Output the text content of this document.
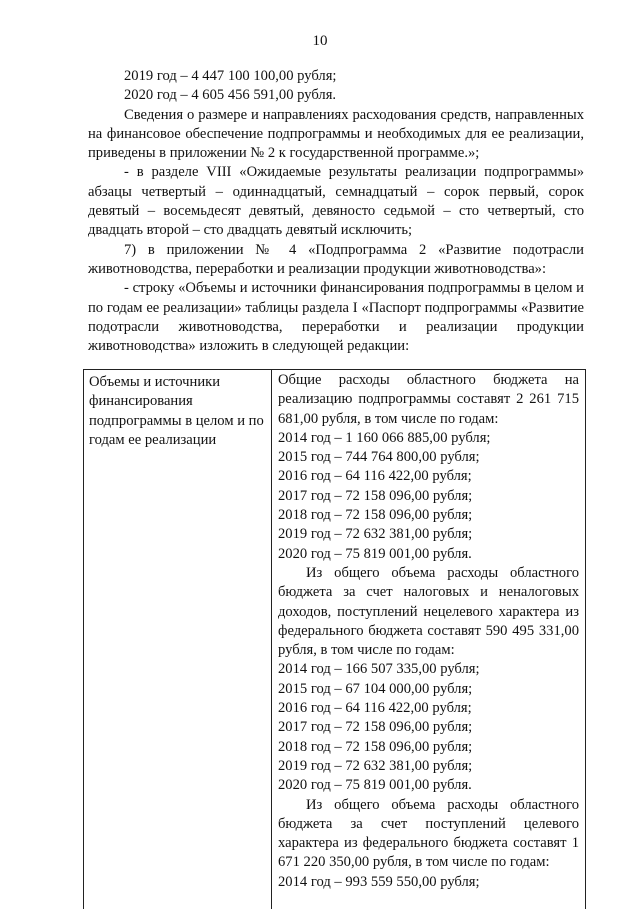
10

2019 год – 4 447 100 100,00 рубля;

2020 год – 4 605 456 591,00 рубля.

Сведения о размере и направлениях расходования средств, направленных на финансовое обеспечение подпрограммы и необходимых для ее реализации, приведены в приложении № 2 к государственной программе.»;

- в разделе VIII «Ожидаемые результаты реализации подпрограммы» абзацы четвертый – одиннадцатый, семнадцатый – сорок первый, сорок девятый – восемьдесят девятый, девяносто седьмой – сто четвертый, сто двадцать второй – сто двадцать девятый исключить;

7) в приложении № 4 «Подпрограмма 2 «Развитие подотрасли животноводства, переработки и реализации продукции животноводства»:

- строку «Объемы и источники финансирования подпрограммы в целом и по годам ее реализации» таблицы раздела I «Паспорт подпрограммы «Развитие подотрасли животноводства, переработки и реализации продукции животноводства» изложить в следующей редакции:

Объемы и источники финансирования подпрограммы в целом и по годам ее реализации

Общие расходы областного бюджета на реализацию подпрограммы составят 2 261 715 681,00 рубля, в том числе по годам:

2014 год – 1 160 066 885,00 рубля;

2015 год – 744 764 800,00 рубля;

2016 год – 64 116 422,00 рубля;

2017 год – 72 158 096,00 рубля;

2018 год – 72 158 096,00 рубля;

2019 год – 72 632 381,00 рубля;

2020 год – 75 819 001,00 рубля.

Из общего объема расходы областного бюджета за счет налоговых и неналоговых доходов, поступлений нецелевого характера из федерального бюджета составят 590 495 331,00 рубля, в том числе по годам:

2014 год – 166 507 335,00 рубля;

2015 год – 67 104 000,00 рубля;

2016 год – 64 116 422,00 рубля;

2017 год – 72 158 096,00 рубля;

2018 год – 72 158 096,00 рубля;

2019 год – 72 632 381,00 рубля;

2020 год – 75 819 001,00 рубля.

Из общего объема расходы областного бюджета за счет поступлений целевого характера из федерального бюджета составят 1 671 220 350,00 рубля, в том числе по годам:

2014 год – 993 559 550,00 рубля;
